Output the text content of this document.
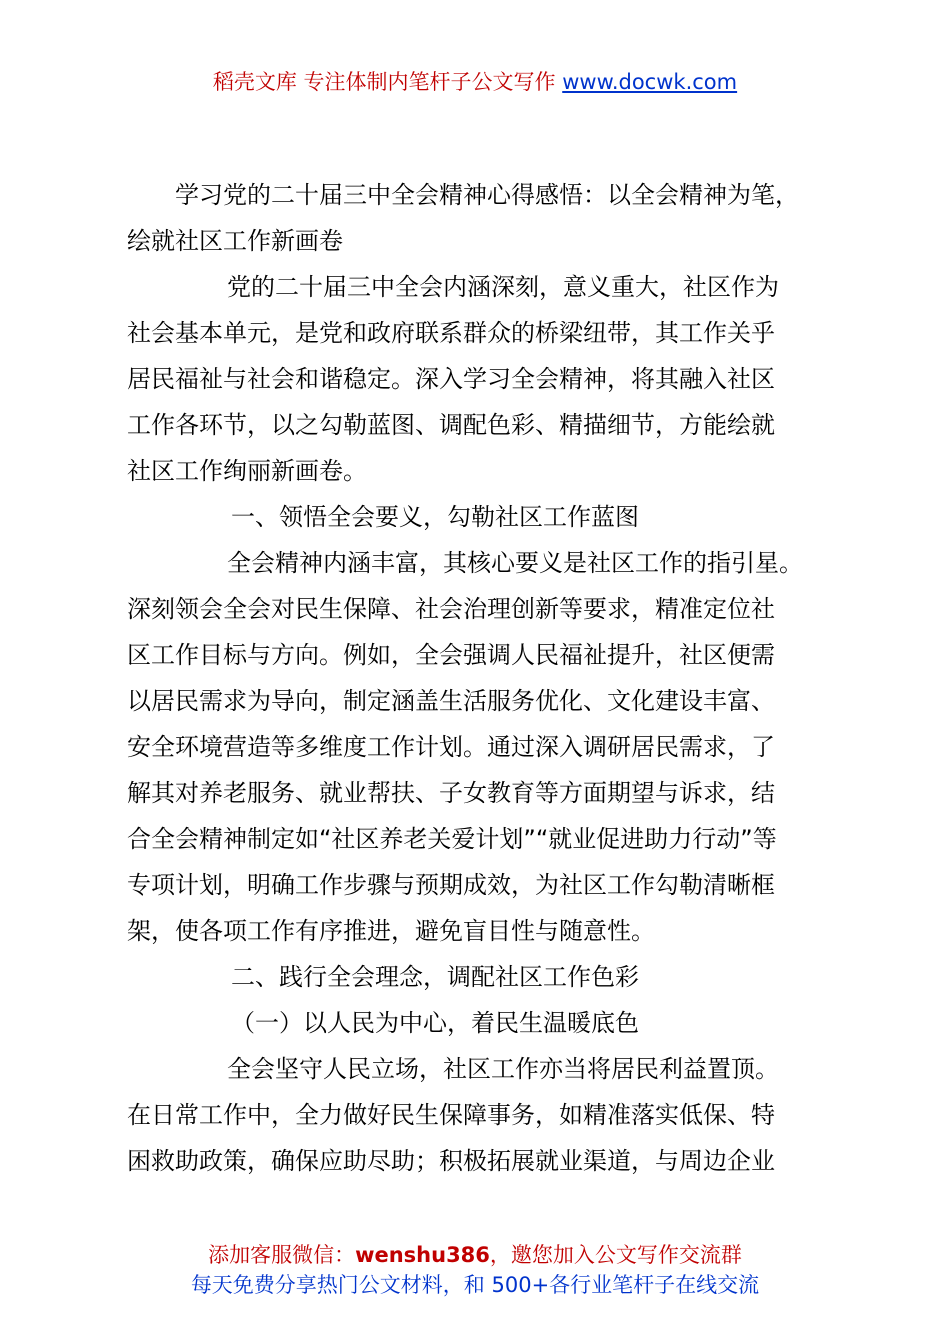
稻壳文库 专注体制内笔杆子公文写作 www.docwk.com
学习党的二十届三中全会精神心得感悟：以全会精神为笔，
绘就社区工作新画卷
党的二十届三中全会内涵深刻，意义重大，社区作为
社会基本单元，是党和政府联系群众的桥梁纽带，其工作关乎
居民福祉与社会和谐稳定。深入学习全会精神，将其融入社区
工作各环节，以之勾勒蓝图、调配色彩、精描细节，方能绘就
社区工作绚丽新画卷。
一、领悟全会要义，勾勒社区工作蓝图
全会精神内涵丰富，其核心要义是社区工作的指引星。
深刻领会全会对民生保障、社会治理创新等要求，精准定位社
区工作目标与方向。例如，全会强调人民福祉提升，社区便需
以居民需求为导向，制定涵盖生活服务优化、文化建设丰富、
安全环境营造等多维度工作计划。通过深入调研居民需求，了
解其对养老服务、就业帮扶、子女教育等方面期望与诉求，结
合全会精神制定如“社区养老关爱计划”“就业促进助力行动”等
专项计划，明确工作步骤与预期成效，为社区工作勾勒清晰框
架，使各项工作有序推进，避免盲目性与随意性。
二、践行全会理念，调配社区工作色彩
（一）以人民为中心，着民生温暖底色
全会坚守人民立场，社区工作亦当将居民利益置顶。
在日常工作中，全力做好民生保障事务，如精准落实低保、特
困救助政策，确保应助尽助；积极拓展就业渠道，与周边企业
添加客服微信：wenshu386，邀您加入公文写作交流群
每天免费分享热门公文材料，和 500+各行业笔杆子在线交流
